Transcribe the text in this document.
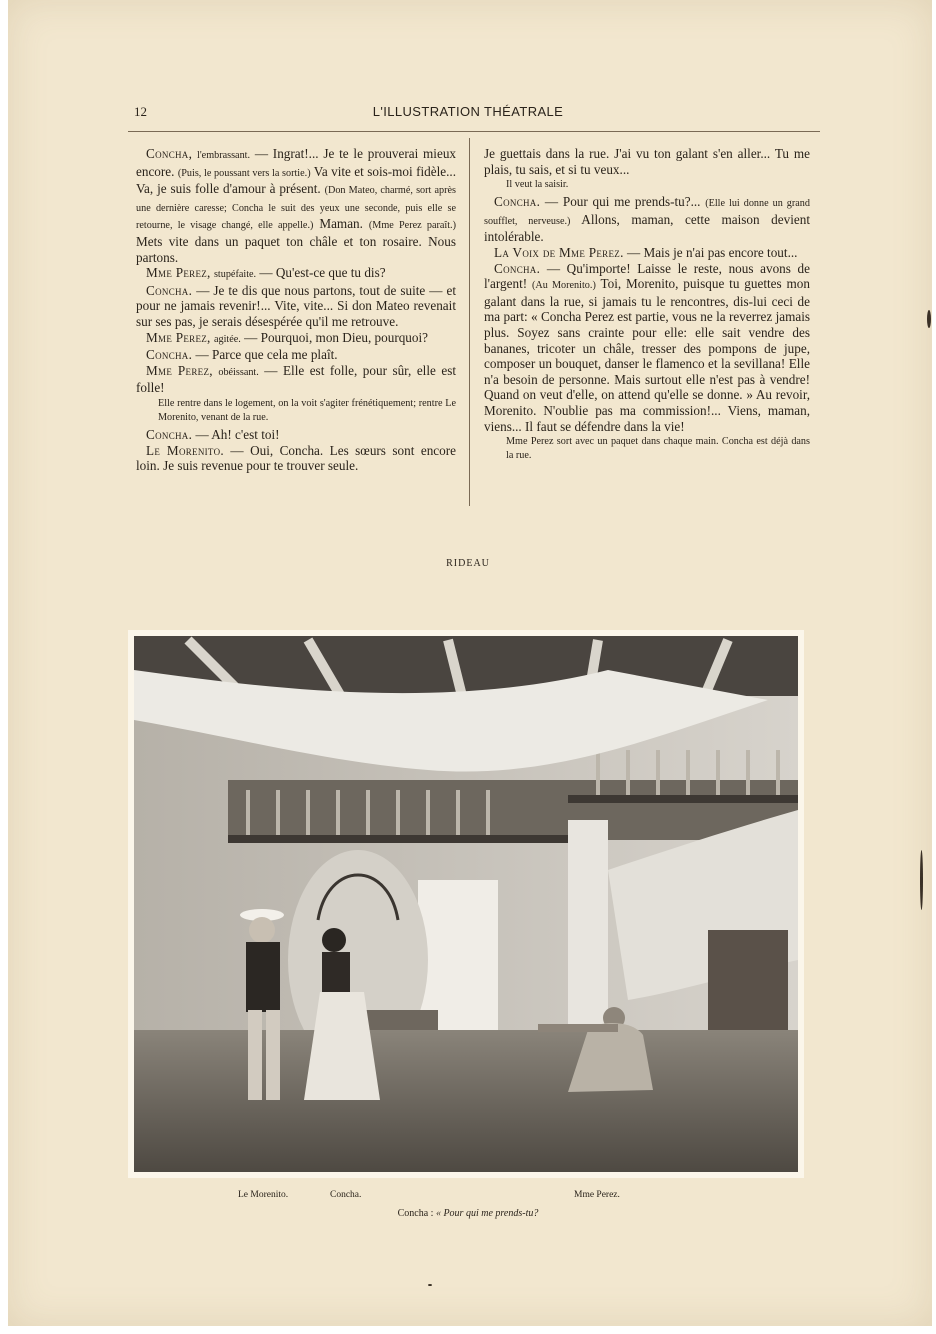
12	L'ILLUSTRATION THÉATRALE

Concha, l'embrassant. — Ingrat!... Je te le prouverai mieux encore. (Puis, le poussant vers la sortie.) Va vite et sois-moi fidèle... Va, je suis folle d'amour à présent. (Don Mateo, charmé, sort après une dernière caresse; Concha le suit des yeux une seconde, puis elle se retourne, le visage changé, elle appelle.) Maman. (Mme Perez paraît.) Mets vite dans un paquet ton châle et ton rosaire. Nous partons.

Mme Perez, stupéfaite. — Qu'est-ce que tu dis?

Concha. — Je te dis que nous partons, tout de suite — et pour ne jamais revenir!... Vite, vite... Si don Mateo revenait sur ses pas, je serais désespérée qu'il me retrouve.

Mme Perez, agitée. — Pourquoi, mon Dieu, pourquoi?

Concha. — Parce que cela me plaît.

Mme Perez, obéissant. — Elle est folle, pour sûr, elle est folle!

Elle rentre dans le logement, on la voit s'agiter frénétiquement; rentre Le Morenito, venant de la rue.

Concha. — Ah! c'est toi!

Le Morenito. — Oui, Concha. Les sœurs sont encore loin. Je suis revenue pour te trouver seule.

Je guettais dans la rue. J'ai vu ton galant s'en aller... Tu me plais, tu sais, et si tu veux...

Il veut la saisir.

Concha. — Pour qui me prends-tu?... (Elle lui donne un grand soufflet, nerveuse.) Allons, maman, cette maison devient intolérable.

La Voix de Mme Perez. — Mais je n'ai pas encore tout...

Concha. — Qu'importe! Laisse le reste, nous avons de l'argent! (Au Morenito.) Toi, Morenito, puisque tu guettes mon galant dans la rue, si jamais tu le rencontres, dis-lui ceci de ma part: « Concha Perez est partie, vous ne la reverrez jamais plus. Soyez sans crainte pour elle: elle sait vendre des bananes, tricoter un châle, tresser des pompons de jupe, composer un bouquet, danser le flamenco et la sevillana! Elle n'a besoin de personne. Mais surtout elle n'est pas à vendre! Quand on veut d'elle, on attend qu'elle se donne. » Au revoir, Morenito. N'oublie pas ma commission!... Viens, maman, viens... Il faut se défendre dans la vie!

Mme Perez sort avec un paquet dans chaque main. Concha est déjà dans la rue.

RIDEAU
Le Morenito.	Concha.	Mme Perez.
Concha : « Pour qui me prends-tu?
